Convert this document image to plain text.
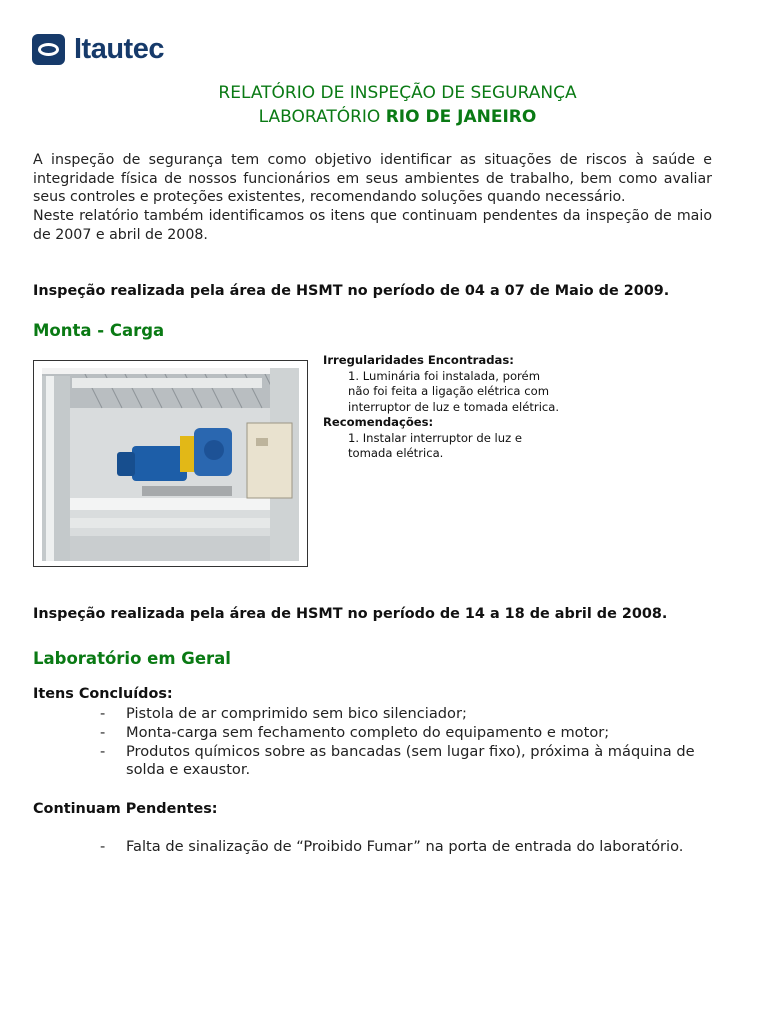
Itautec
RELATÓRIO DE INSPEÇÃO DE SEGURANÇA
LABORATÓRIO RIO DE JANEIRO

A inspeção de segurança tem como objetivo identificar as situações de riscos à saúde e integridade física de nossos funcionários em seus ambientes de trabalho, bem como avaliar seus controles e proteções existentes, recomendando soluções quando necessário.

Neste relatório também identificamos os itens que continuam pendentes da inspeção de maio de 2007 e abril de 2008.

Inspeção realizada pela área de HSMT no período de 04 a 07 de Maio de 2009.
Monta - Carga
Irregularidades Encontradas:
1. Luminária foi instalada, porém não foi feita a ligação elétrica com interruptor de luz e tomada elétrica.
Recomendações:
1. Instalar interruptor de luz e tomada elétrica.
Inspeção realizada pela área de HSMT no período de 14 a 18 de abril de 2008.
Laboratório em Geral
Itens Concluídos:
- Pistola de ar comprimido sem bico silenciador;
- Monta-carga sem fechamento completo do equipamento e motor;
- Produtos químicos sobre as bancadas (sem lugar fixo), próxima à máquina de solda e exaustor.
Continuam Pendentes:
- Falta de sinalização de “Proibido Fumar” na porta de entrada do laboratório.
